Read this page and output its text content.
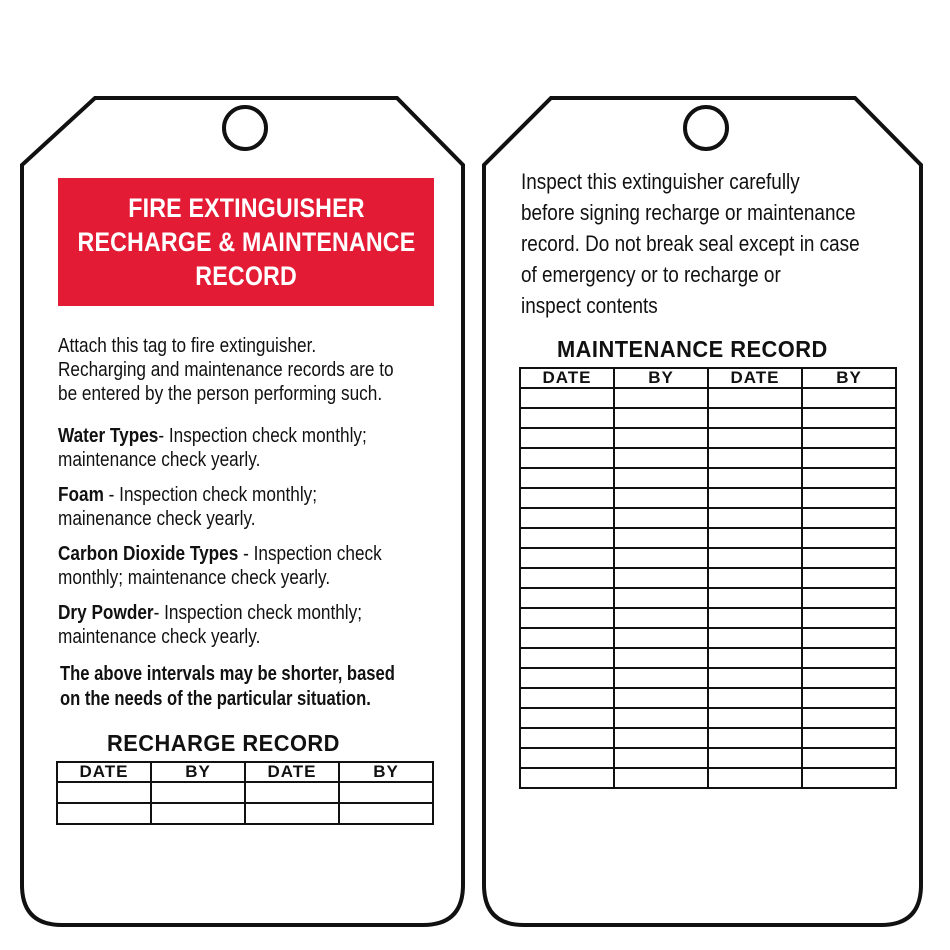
FIRE EXTINGUISHER
RECHARGE & MAINTENANCE
RECORD
Attach this tag to fire extinguisher.
Recharging and maintenance records are to
be entered by the person performing such.
Water Types- Inspection check monthly;
maintenance check yearly.
Foam - Inspection check monthly;
mainenance check yearly.
Carbon Dioxide Types - Inspection check
monthly; maintenance check yearly.
Dry Powder- Inspection check monthly;
maintenance check yearly.
The above intervals may be shorter, based
on the needs of the particular situation.
RECHARGE RECORD
DATE	BY	DATE	BY

Inspect this extinguisher carefully
before signing recharge or maintenance
record. Do not break seal except in case
of emergency or to recharge or
inspect contents
MAINTENANCE RECORD
DATE	BY	DATE	BY
